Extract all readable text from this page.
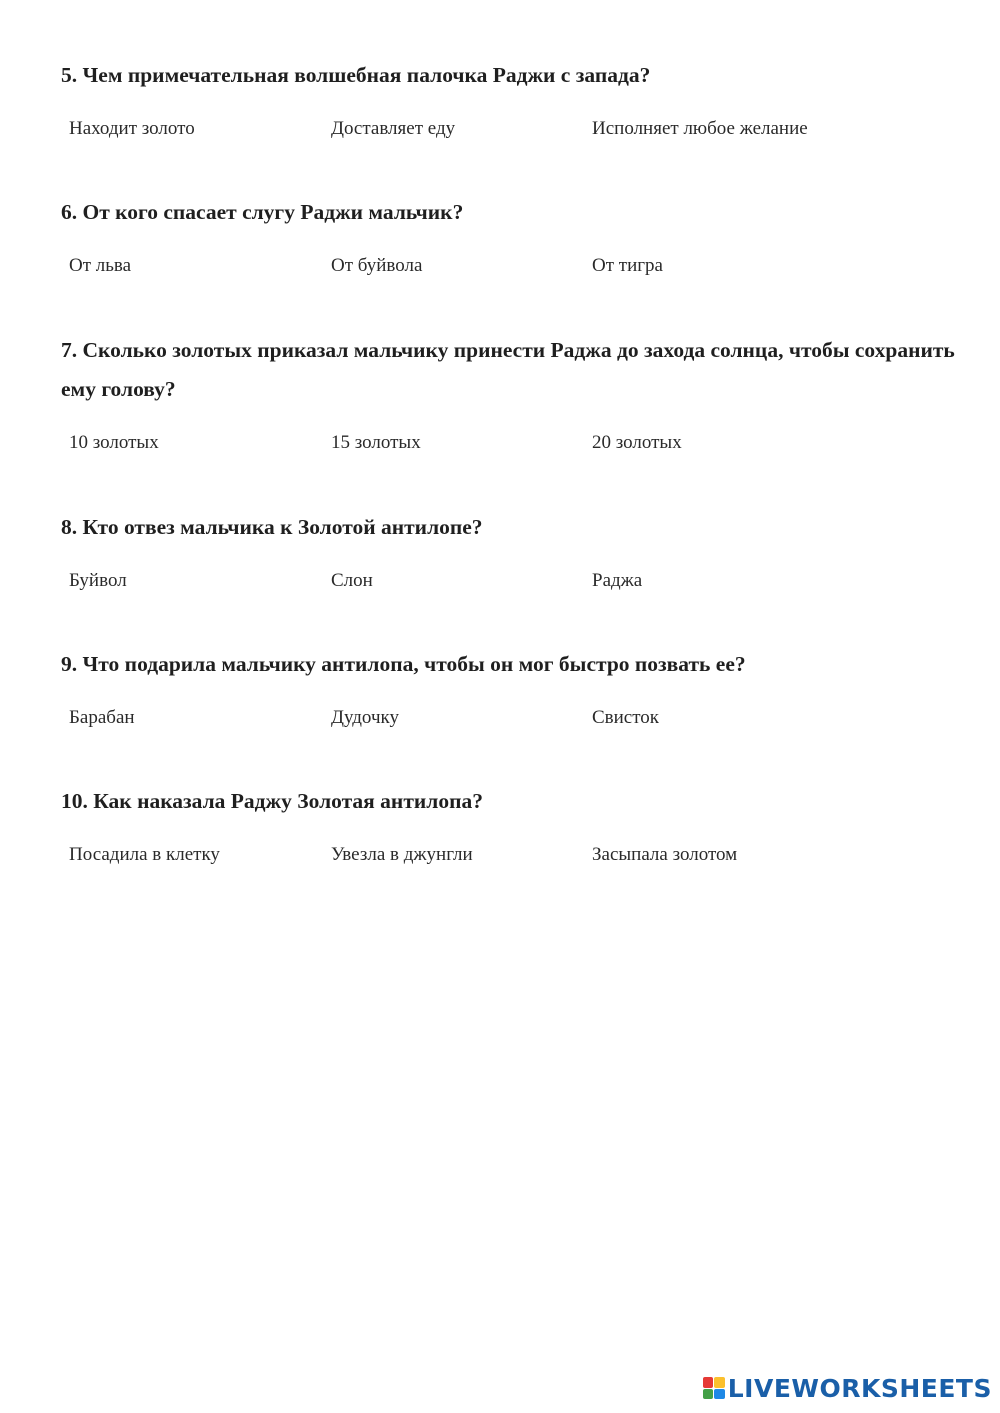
5. Чем примечательная волшебная палочка Раджи с запада?

Находит золото	Доставляет еду	Исполняет любое желание

6. От кого спасает слугу Раджи мальчик?

От льва	От буйвола	От тигра

7. Сколько золотых приказал мальчику принести Раджа до захода солнца, чтобы сохранить ему голову?

10 золотых	15 золотых	20 золотых

8. Кто отвез мальчика к Золотой антилопе?

Буйвол	Слон	Раджа

9. Что подарила мальчику антилопа, чтобы он мог быстро позвать ее?

Барабан	Дудочку	Свисток

10. Как наказала Раджу Золотая антилопа?

Посадила в клетку	Увезла в джунгли	Засыпала золотом
LIVEWORKSHEETS
